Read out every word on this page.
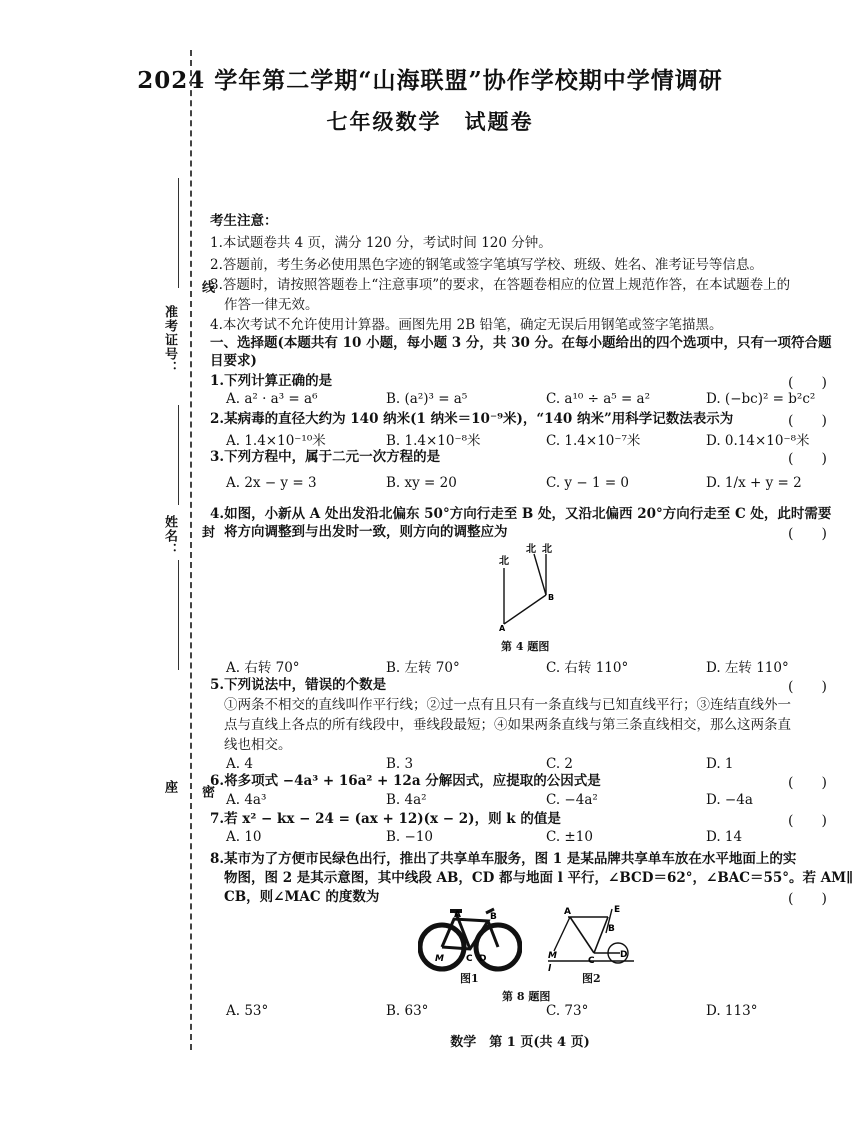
2024 学年第二学期“山海联盟”协作学校期中学情调研
七年级数学　试题卷
准考证号：
姓名：
座
线
封
密
考生注意：
1.本试题卷共 4 页，满分 120 分，考试时间 120 分钟。
2.答题前，考生务必使用黑色字迹的钢笔或签字笔填写学校、班级、姓名、准考证号等信息。
3.答题时，请按照答题卷上“注意事项”的要求，在答题卷相应的位置上规范作答，在本试题卷上的
作答一律无效。
4.本次考试不允许使用计算器。画图先用 2B 铅笔，确定无误后用钢笔或签字笔描黑。
一、选择题(本题共有 10 小题，每小题 3 分，共 30 分。在每小题给出的四个选项中，只有一项符合题
目要求)
1.下列计算正确的是	(　　)
A. a² · a³ = a⁶	B. (a²)³ = a⁵	C. a¹⁰ ÷ a⁵ = a²	D. (−bc)² = b²c²
2.某病毒的直径大约为 140 纳米(1 纳米＝10⁻⁹米)，“140 纳米”用科学记数法表示为	(　　)
A. 1.4×10⁻¹⁰米	B. 1.4×10⁻⁸米	C. 1.4×10⁻⁷米	D. 0.14×10⁻⁸米
3.下列方程中，属于二元一次方程的是	(　　)
A. 2x − y = 3	B. xy = 20	C. y − 1 = 0	D. 1/x + y = 2
4.如图，小新从 A 处出发沿北偏东 50°方向行走至 B 处，又沿北偏西 20°方向行走至 C 处，此时需要
将方向调整到与出发时一致，则方向的调整应为	(　　)
北
北 北
A
B
第 4 题图
A. 右转 70°	B. 左转 70°	C. 右转 110°	D. 左转 110°
5.下列说法中，错误的个数是	(　　)
①两条不相交的直线叫作平行线；②过一点有且只有一条直线与已知直线平行；③连结直线外一
点与直线上各点的所有线段中，垂线段最短；④如果两条直线与第三条直线相交，那么这两条直
线也相交。
A. 4	B. 3	C. 2	D. 1
6.将多项式 −4a³ + 16a² + 12a 分解因式，应提取的公因式是	(　　)
A. 4a³	B. 4a²	C. −4a²	D. −4a
7.若 x² − kx − 24 = (ax + 12)(x − 2)，则 k 的值是	(　　)
A. 10	B. −10	C. ±10	D. 14
8.某市为了方便市民绿色出行，推出了共享单车服务，图 1 是某品牌共享单车放在水平地面上的实
物图，图 2 是其示意图，其中线段 AB，CD 都与地面 l 平行，∠BCD＝62°，∠BAC＝55°。若 AM∥
CB，则∠MAC 的度数为	(　　)
A	B
C D
M
图1
A
B
C
D
E
M
l
图2
第 8 题图
A. 53°	B. 63°	C. 73°	D. 113°
数学　第 1 页(共 4 页)
